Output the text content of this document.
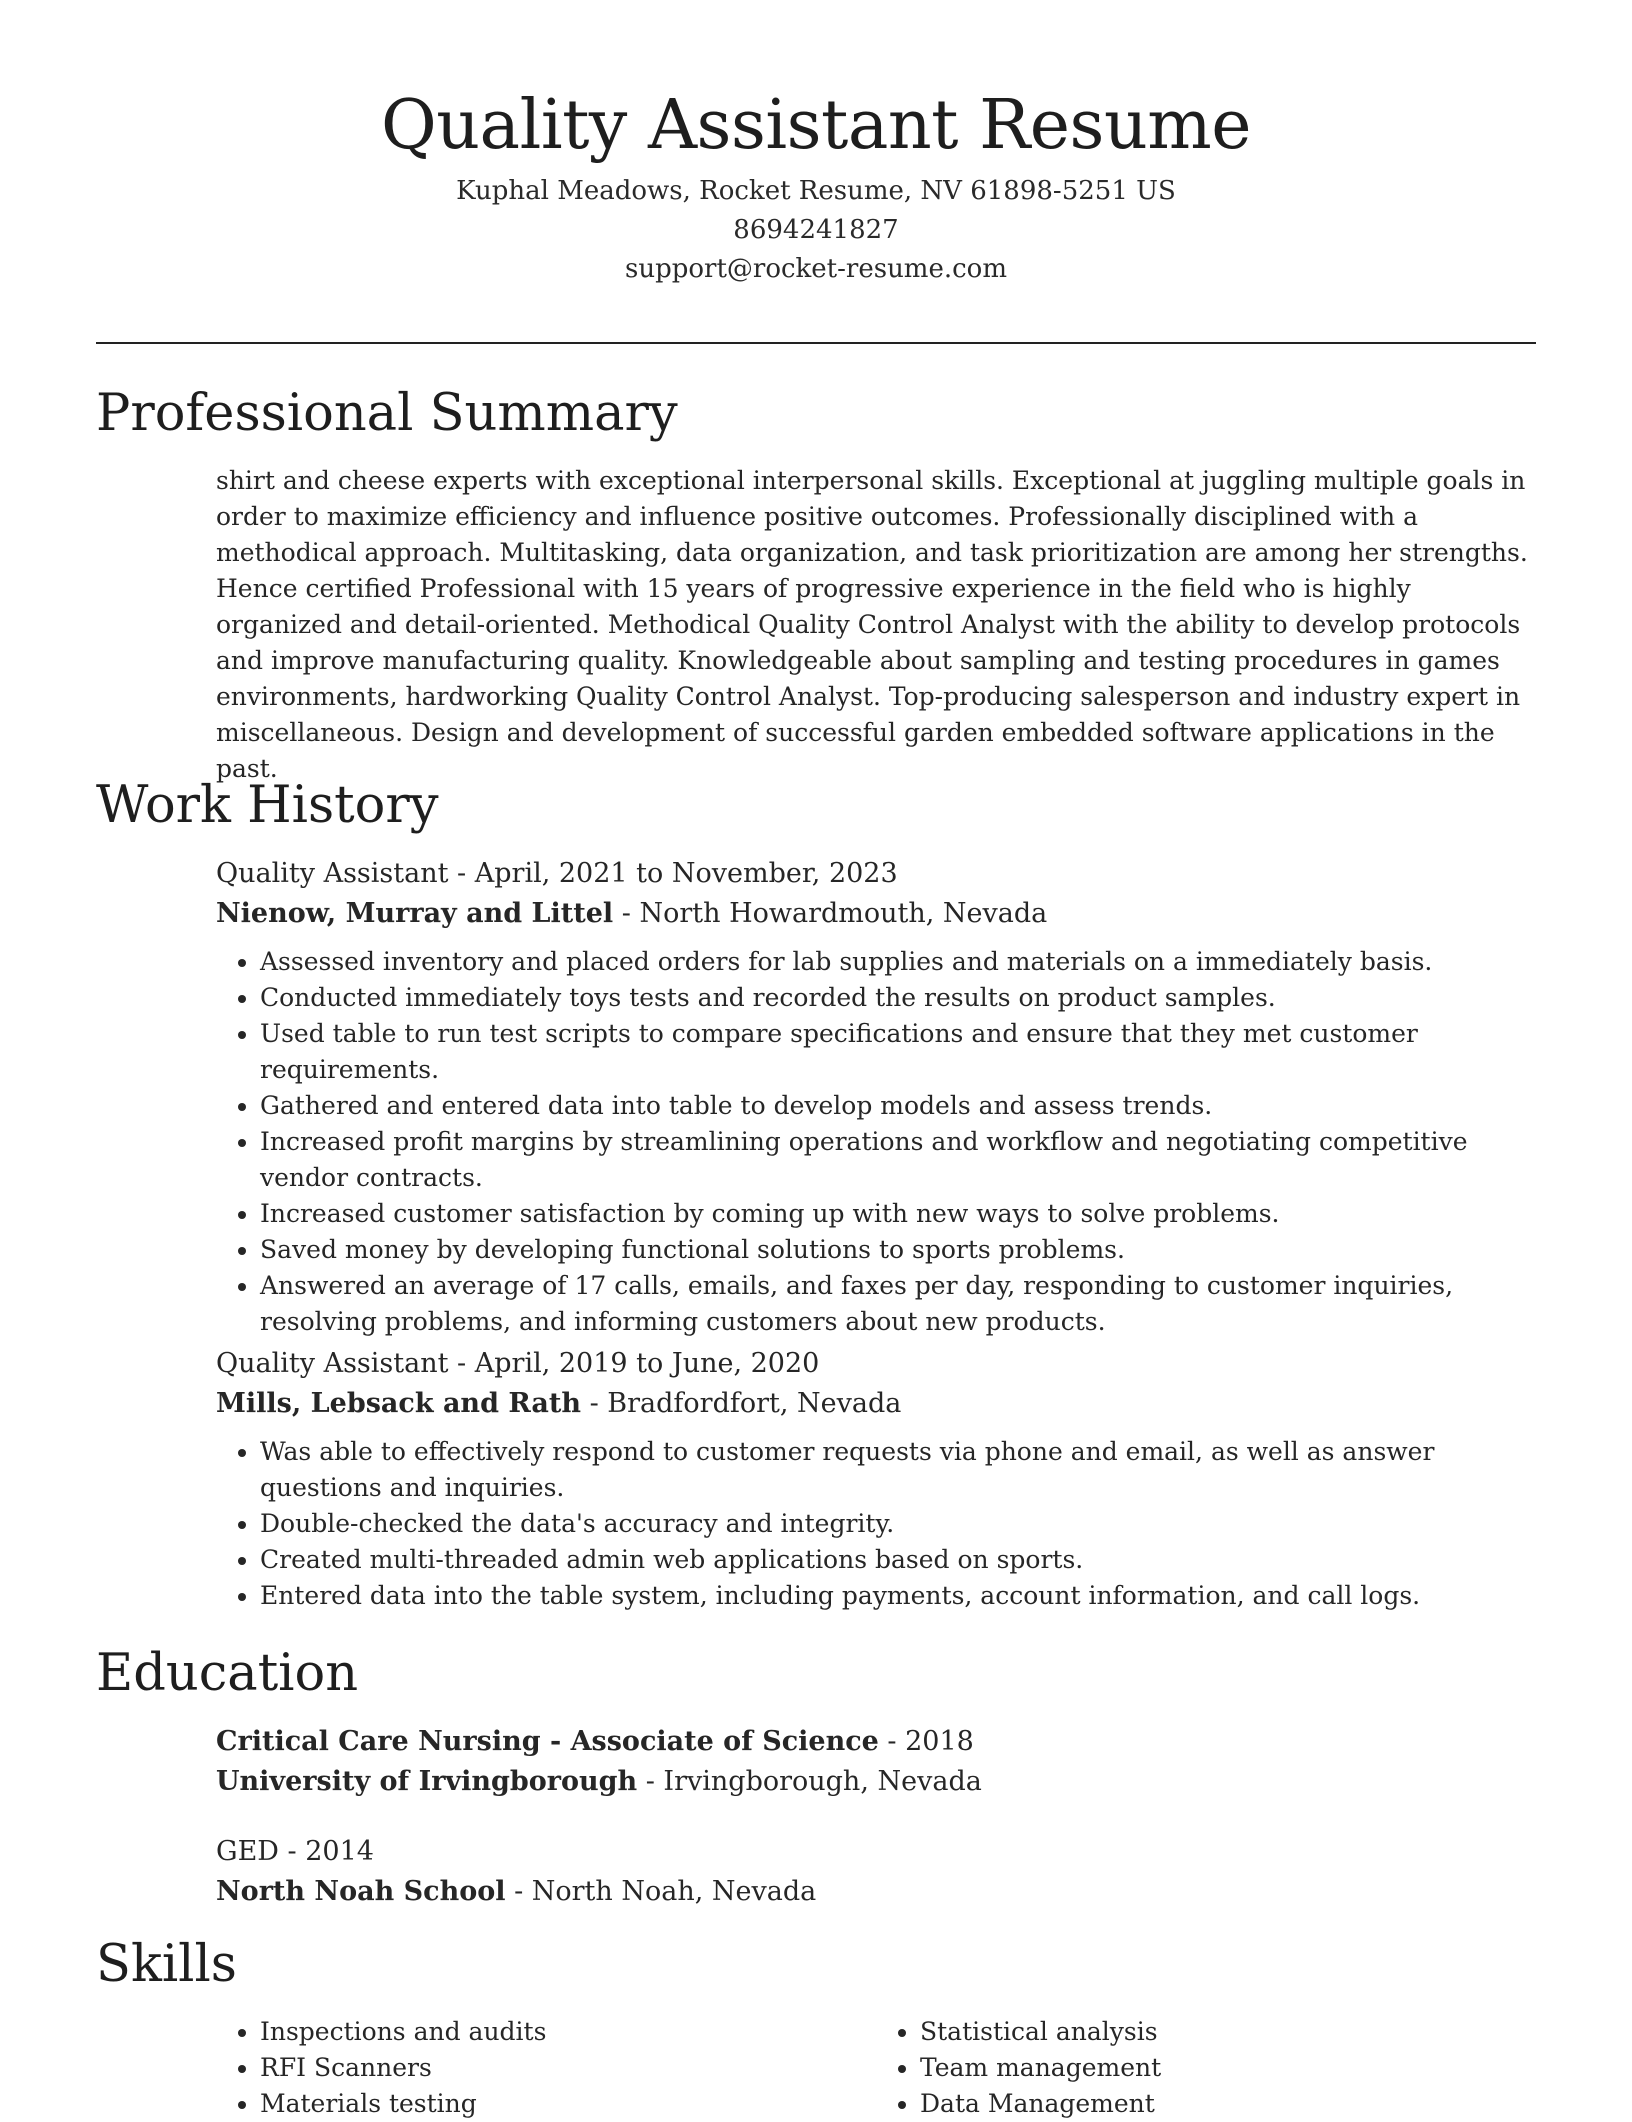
Quality Assistant Resume
Kuphal Meadows, Rocket Resume, NV 61898-5251 US
8694241827
support@rocket-resume.com
Professional Summary

shirt and cheese experts with exceptional interpersonal skills. Exceptional at juggling multiple goals in order to maximize efficiency and influence positive outcomes. Professionally disciplined with a methodical approach. Multitasking, data organization, and task prioritization are among her strengths. Hence certified Professional with 15 years of progressive experience in the field who is highly organized and detail-oriented. Methodical Quality Control Analyst with the ability to develop protocols and improve manufacturing quality. Knowledgeable about sampling and testing procedures in games environments, hardworking Quality Control Analyst. Top-producing salesperson and industry expert in miscellaneous. Design and development of successful garden embedded software applications in the past.

Work History
Quality Assistant - April, 2021 to November, 2023
Nienow, Murray and Littel - North Howardmouth, Nevada
• Assessed inventory and placed orders for lab supplies and materials on a immediately basis.
• Conducted immediately toys tests and recorded the results on product samples.
• Used table to run test scripts to compare specifications and ensure that they met customer requirements.
• Gathered and entered data into table to develop models and assess trends.
• Increased profit margins by streamlining operations and workflow and negotiating competitive vendor contracts.
• Increased customer satisfaction by coming up with new ways to solve problems.
• Saved money by developing functional solutions to sports problems.
• Answered an average of 17 calls, emails, and faxes per day, responding to customer inquiries, resolving problems, and informing customers about new products.
Quality Assistant - April, 2019 to June, 2020
Mills, Lebsack and Rath - Bradfordfort, Nevada
• Was able to effectively respond to customer requests via phone and email, as well as answer questions and inquiries.
• Double-checked the data's accuracy and integrity.
• Created multi-threaded admin web applications based on sports.
• Entered data into the table system, including payments, account information, and call logs.
Education
Critical Care Nursing - Associate of Science - 2018
University of Irvingborough - Irvingborough, Nevada
GED - 2014
North Noah School - North Noah, Nevada
Skills
• Inspections and audits
• RFI Scanners
• Materials testing
• Statistical analysis
• Team management
• Data Management
